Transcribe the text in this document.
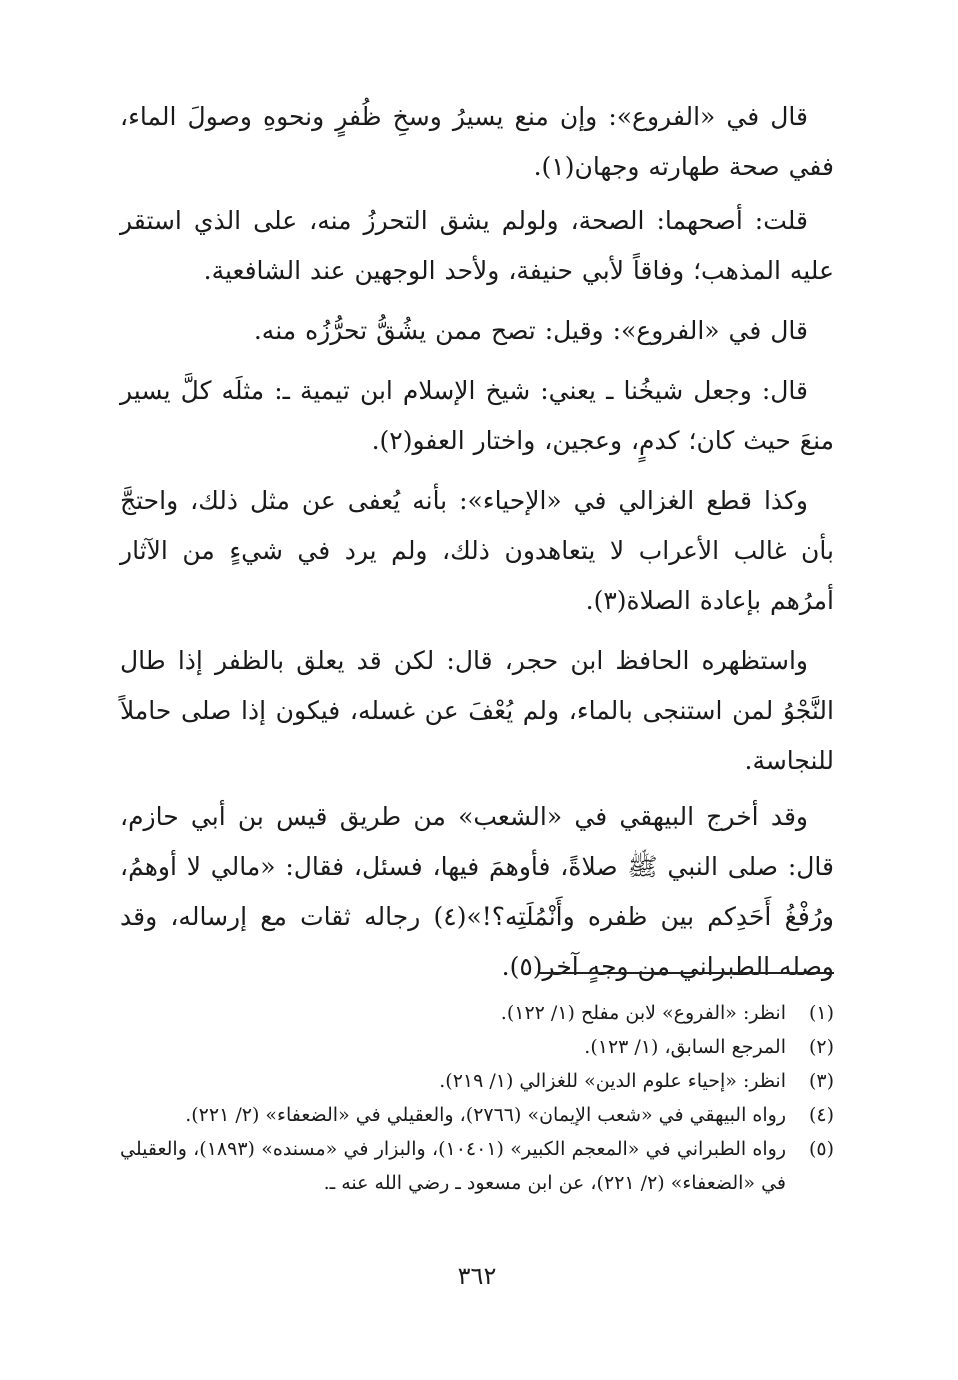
قال في «الفروع»: وإن منع يسيرُ وسخِ ظُفرٍ ونحوهِ وصولَ الماء، ففي صحة طهارته وجهان(١).

قلت: أصحهما: الصحة، ولولم يشق التحرزُ منه، على الذي استقر عليه المذهب؛ وفاقاً لأبي حنيفة، ولأحد الوجهين عند الشافعية.

قال في «الفروع»: وقيل: تصح ممن يشُقُّ تحرُّزُه منه.

قال: وجعل شيخُنا ـ يعني: شيخ الإسلام ابن تيمية ـ: مثلَه كلَّ يسير منعَ حيث كان؛ كدمٍ، وعجين، واختار العفو(٢).

وكذا قطع الغزالي في «الإحياء»: بأنه يُعفى عن مثل ذلك، واحتجَّ بأن غالب الأعراب لا يتعاهدون ذلك، ولم يرد في شيءٍ من الآثار أمرُهم بإعادة الصلاة(٣).

واستظهره الحافظ ابن حجر، قال: لكن قد يعلق بالظفر إذا طال النَّجْوُ لمن استنجى بالماء، ولم يُعْفَ عن غسله، فيكون إذا صلى حاملاً للنجاسة.

وقد أخرج البيهقي في «الشعب» من طريق قيس بن أبي حازم، قال: صلى النبي ﷺ صلاةً، فأوهمَ فيها، فسئل، فقال: «مالي لا أوهمُ، ورُفْغُ أَحَدِكم بين ظفره وأَنْمُلَتِه؟!»(٤) رجاله ثقات مع إرساله، وقد وصله الطبراني من وجهٍ آخر(٥).

(١)
انظر: «الفروع» لابن مفلح (١/ ١٢٢).
(٢)
المرجع السابق، (١/ ١٢٣).
(٣)
انظر: «إحياء علوم الدين» للغزالي (١/ ٢١٩).
(٤)
رواه البيهقي في «شعب الإيمان» (٢٧٦٦)، والعقيلي في «الضعفاء» (٢/ ٢٢١).
(٥)
رواه الطبراني في «المعجم الكبير» (١٠٤٠١)، والبزار في «مسنده» (١٨٩٣)، والعقيلي في «الضعفاء» (٢/ ٢٢١)، عن ابن مسعود ـ رضي الله عنه ـ.
٣٦٢
